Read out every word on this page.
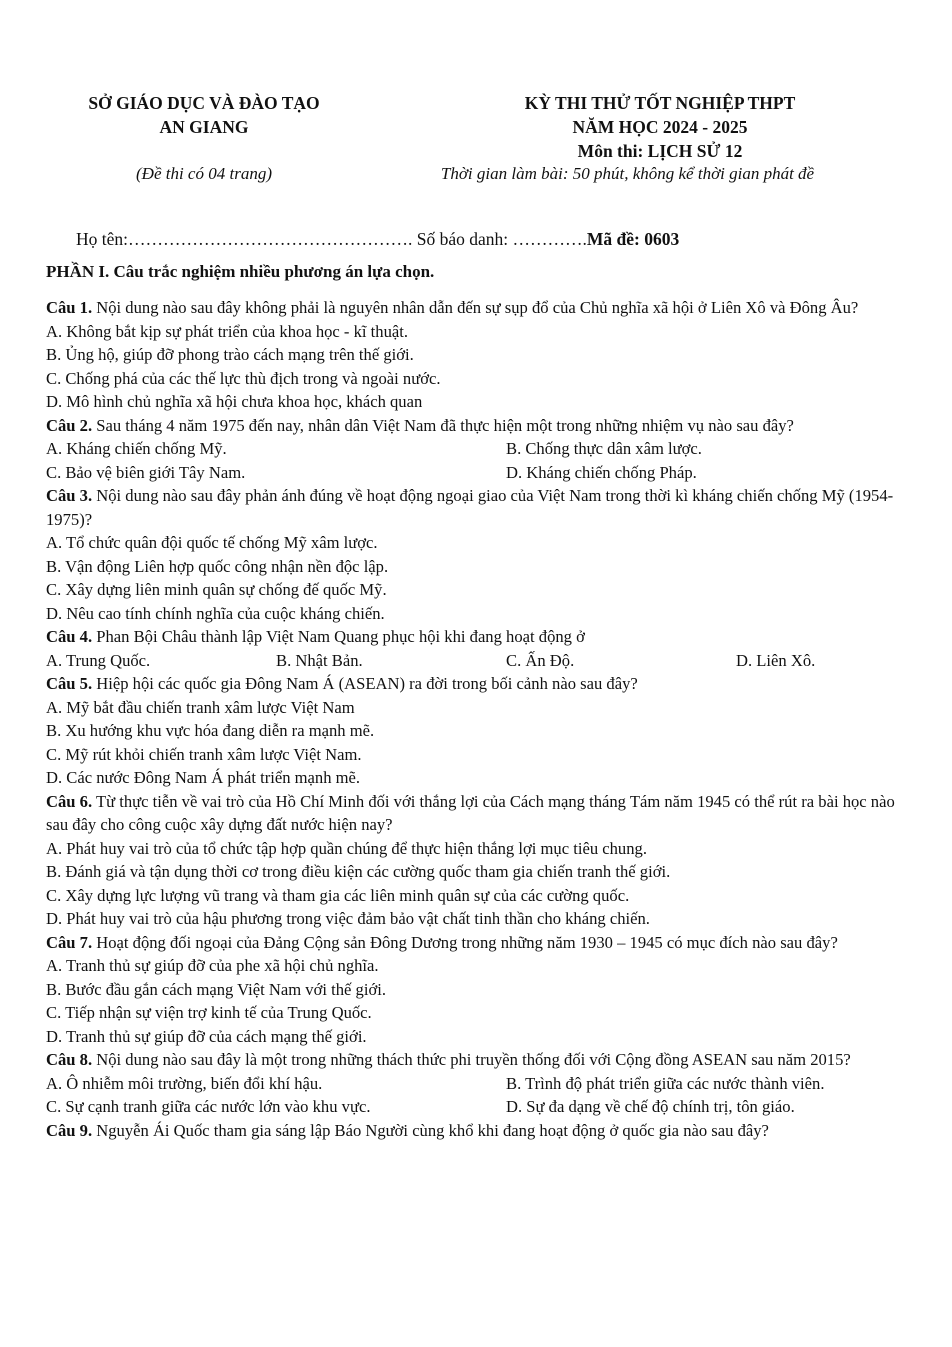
SỞ GIÁO DỤC VÀ ĐÀO TẠO
AN GIANG
(Đề thi có 04 trang)
KỲ THI THỬ TỐT NGHIỆP THPT
NĂM HỌC 2024 - 2025
Môn thi: LỊCH SỬ 12
Thời gian làm bài: 50 phút, không kể thời gian phát đề
Họ tên:…………………………………………. Số báo danh: ………….Mã đề: 0603
PHẦN I. Câu trắc nghiệm nhiều phương án lựa chọn.
Câu 1. Nội dung nào sau đây không phải là nguyên nhân dẫn đến sự sụp đổ của Chủ nghĩa xã hội ở Liên Xô và Đông Âu?
A. Không bắt kịp sự phát triển của khoa học - kĩ thuật.
B. Ủng hộ, giúp đỡ phong trào cách mạng trên thế giới.
C. Chống phá của các thế lực thù địch trong và ngoài nước.
D. Mô hình chủ nghĩa xã hội chưa khoa học, khách quan
Câu 2. Sau tháng 4 năm 1975 đến nay, nhân dân Việt Nam đã thực hiện một trong những nhiệm vụ nào sau đây?
A. Kháng chiến chống Mỹ.	B. Chống thực dân xâm lược.
C. Bảo vệ biên giới Tây Nam.	D. Kháng chiến chống Pháp.
Câu 3. Nội dung nào sau đây phản ánh đúng về hoạt động ngoại giao của Việt Nam trong thời kì kháng chiến chống Mỹ (1954-1975)?
A. Tổ chức quân đội quốc tế chống Mỹ xâm lược.
B. Vận động Liên hợp quốc công nhận nền độc lập.
C. Xây dựng liên minh quân sự chống đế quốc Mỹ.
D. Nêu cao tính chính nghĩa của cuộc kháng chiến.
Câu 4. Phan Bội Châu thành lập Việt Nam Quang phục hội khi đang hoạt động ở
A. Trung Quốc.	B. Nhật Bản.	C. Ấn Độ.	D. Liên Xô.
Câu 5. Hiệp hội các quốc gia Đông Nam Á (ASEAN) ra đời trong bối cảnh nào sau đây?
A. Mỹ bắt đầu chiến tranh xâm lược Việt Nam
B. Xu hướng khu vực hóa đang diễn ra mạnh mẽ.
C. Mỹ rút khỏi chiến tranh xâm lược Việt Nam.
D. Các nước Đông Nam Á phát triển mạnh mẽ.
Câu 6. Từ thực tiễn về vai trò của Hồ Chí Minh đối với thắng lợi của Cách mạng tháng Tám năm 1945 có thể rút ra bài học nào sau đây cho công cuộc xây dựng đất nước hiện nay?
A. Phát huy vai trò của tổ chức tập hợp quần chúng để thực hiện thắng lợi mục tiêu chung.
B. Đánh giá và tận dụng thời cơ trong điều kiện các cường quốc tham gia chiến tranh thế giới.
C. Xây dựng lực lượng vũ trang và tham gia các liên minh quân sự của các cường quốc.
D. Phát huy vai trò của hậu phương trong việc đảm bảo vật chất tinh thần cho kháng chiến.
Câu 7. Hoạt động đối ngoại của Đảng Cộng sản Đông Dương trong những năm 1930 – 1945 có mục đích nào sau đây?
A. Tranh thủ sự giúp đỡ của phe xã hội chủ nghĩa.
B. Bước đầu gắn cách mạng Việt Nam với thế giới.
C. Tiếp nhận sự viện trợ kinh tế của Trung Quốc.
D. Tranh thủ sự giúp đỡ của cách mạng thế giới.
Câu 8. Nội dung nào sau đây là một trong những thách thức phi truyền thống đối với Cộng đồng ASEAN sau năm 2015?
A. Ô nhiễm môi trường, biến đổi khí hậu.	B. Trình độ phát triển giữa các nước thành viên.
C. Sự cạnh tranh giữa các nước lớn vào khu vực.	D. Sự đa dạng về chế độ chính trị, tôn giáo.
Câu 9. Nguyễn Ái Quốc tham gia sáng lập Báo Người cùng khổ khi đang hoạt động ở quốc gia nào sau đây?
